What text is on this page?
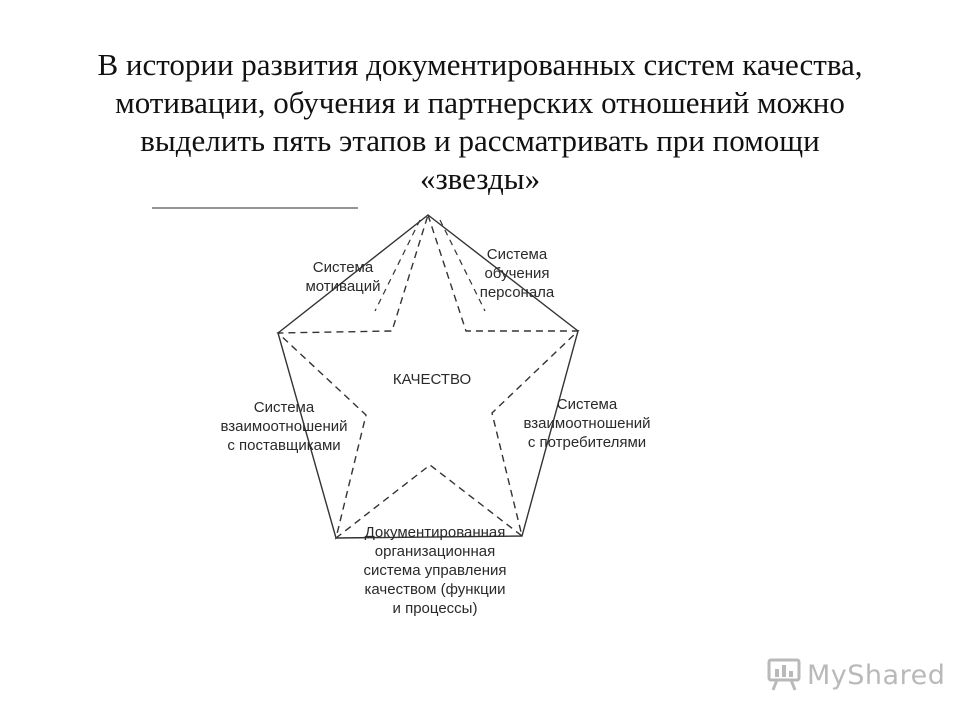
В истории развития документированных систем качества,
мотивации, обучения и партнерских отношений можно
выделить пять этапов и рассматривать при помощи
«звезды»
КАЧЕСТВО
Система
мотиваций
Система
обучения
персонала
Система
взаимоотношений
с потребителями
Документированная
организационная
система управления
качеством (функции
и процессы)
Система
взаимоотношений
с поставщиками
MyShared
